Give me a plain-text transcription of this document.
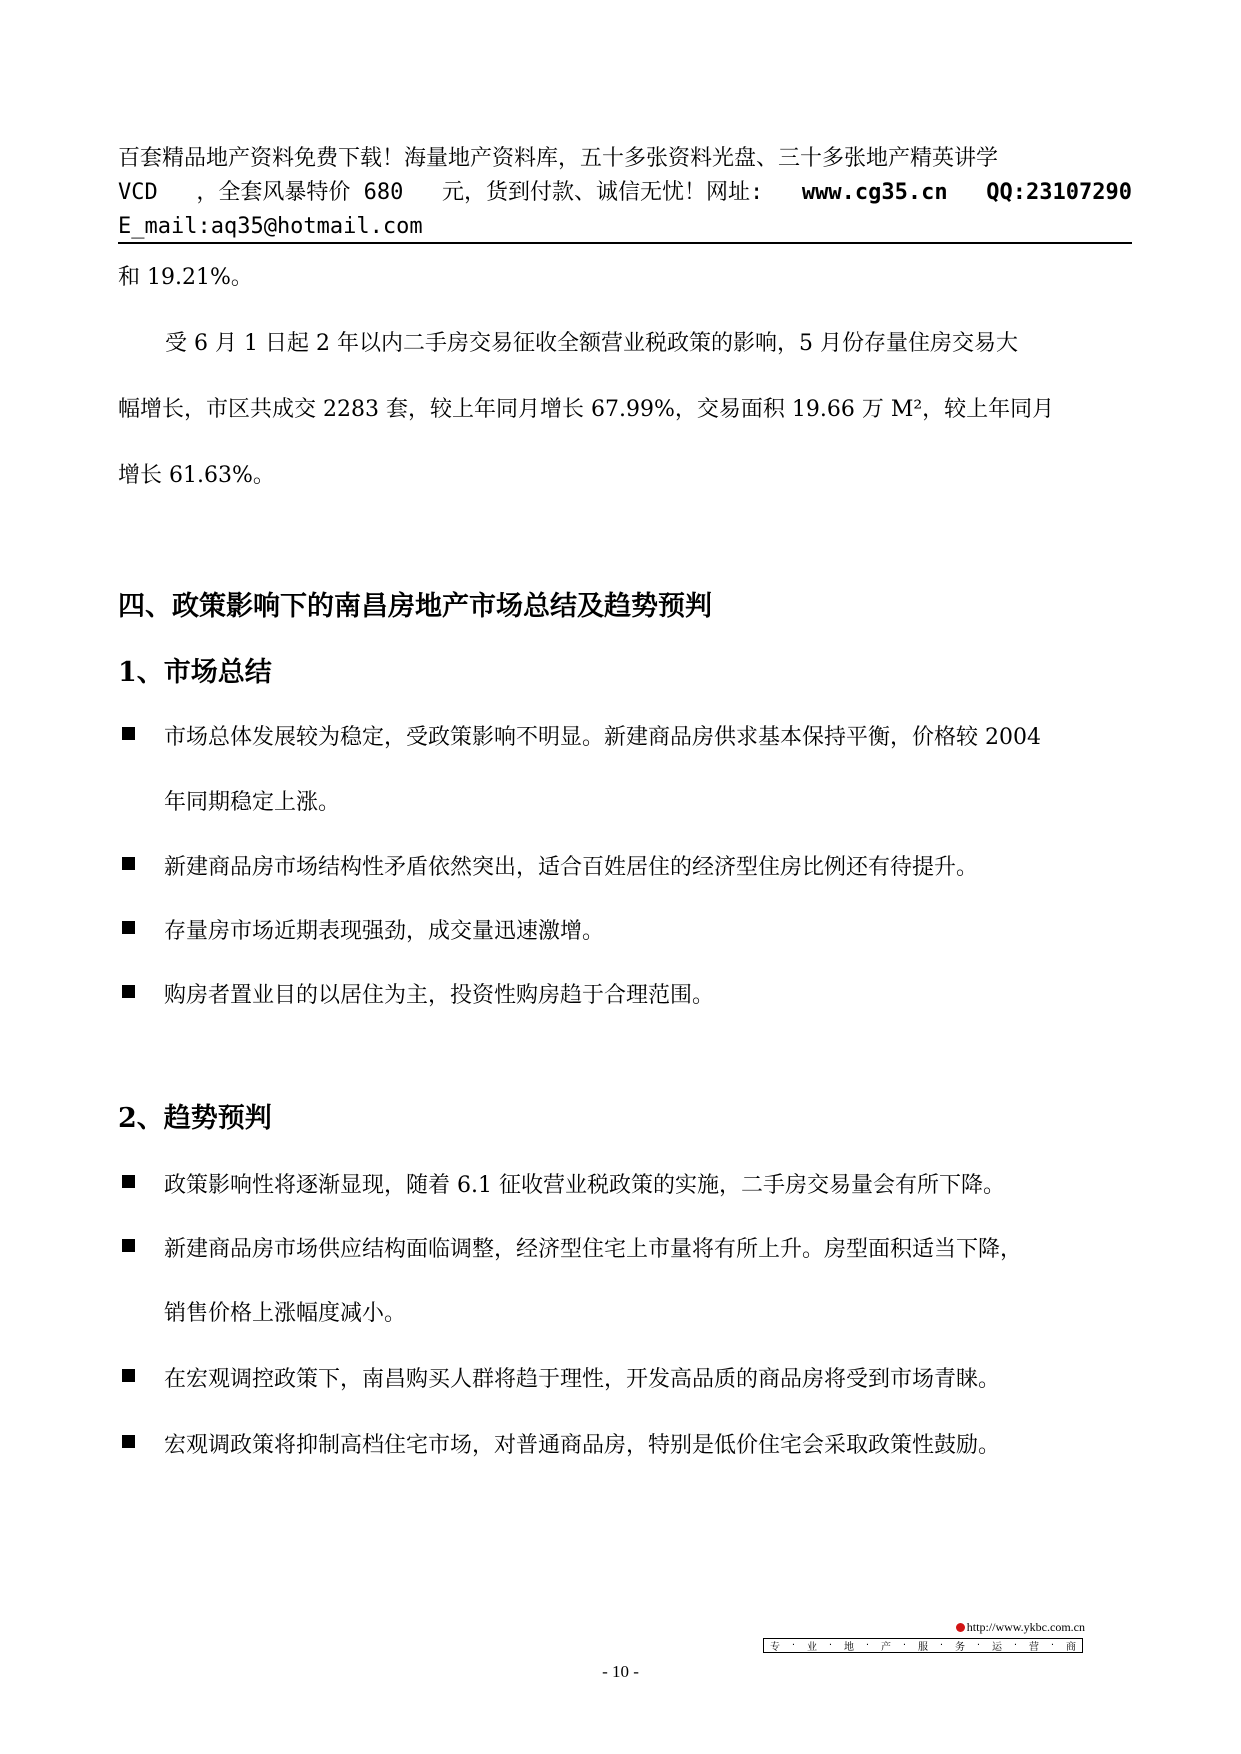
百套精品地产资料免费下载！海量地产资料库，五十多张资料光盘、三十多张地产精英讲学
VCD ，全套风暴特价 680 元，货到付款、诚信无忧！网址: www.cg35.cn QQ:23107290
E_mail:aq35@hotmail.com
和 19.21%。
受 6 月 1 日起 2 年以内二手房交易征收全额营业税政策的影响，5 月份存量住房交易大
幅增长，市区共成交 2283 套，较上年同月增长 67.99%，交易面积 19.66 万 M²，较上年同月
增长 61.63%。
四、政策影响下的南昌房地产市场总结及趋势预判
1、市场总结
市场总体发展较为稳定，受政策影响不明显。新建商品房供求基本保持平衡，价格较 2004
年同期稳定上涨。
新建商品房市场结构性矛盾依然突出，适合百姓居住的经济型住房比例还有待提升。
存量房市场近期表现强劲，成交量迅速激增。
购房者置业目的以居住为主，投资性购房趋于合理范围。
2、趋势预判
政策影响性将逐渐显现，随着 6.1 征收营业税政策的实施，二手房交易量会有所下降。
新建商品房市场供应结构面临调整，经济型住宅上市量将有所上升。房型面积适当下降，
销售价格上涨幅度减小。
在宏观调控政策下，南昌购买人群将趋于理性，开发高品质的商品房将受到市场青睐。
宏观调政策将抑制高档住宅市场，对普通商品房，特别是低价住宅会采取政策性鼓励。
http://www.ykbc.com.cn
专 · 业 · 地 · 产 · 服 · 务 · 运 · 营 · 商
- 10 -
